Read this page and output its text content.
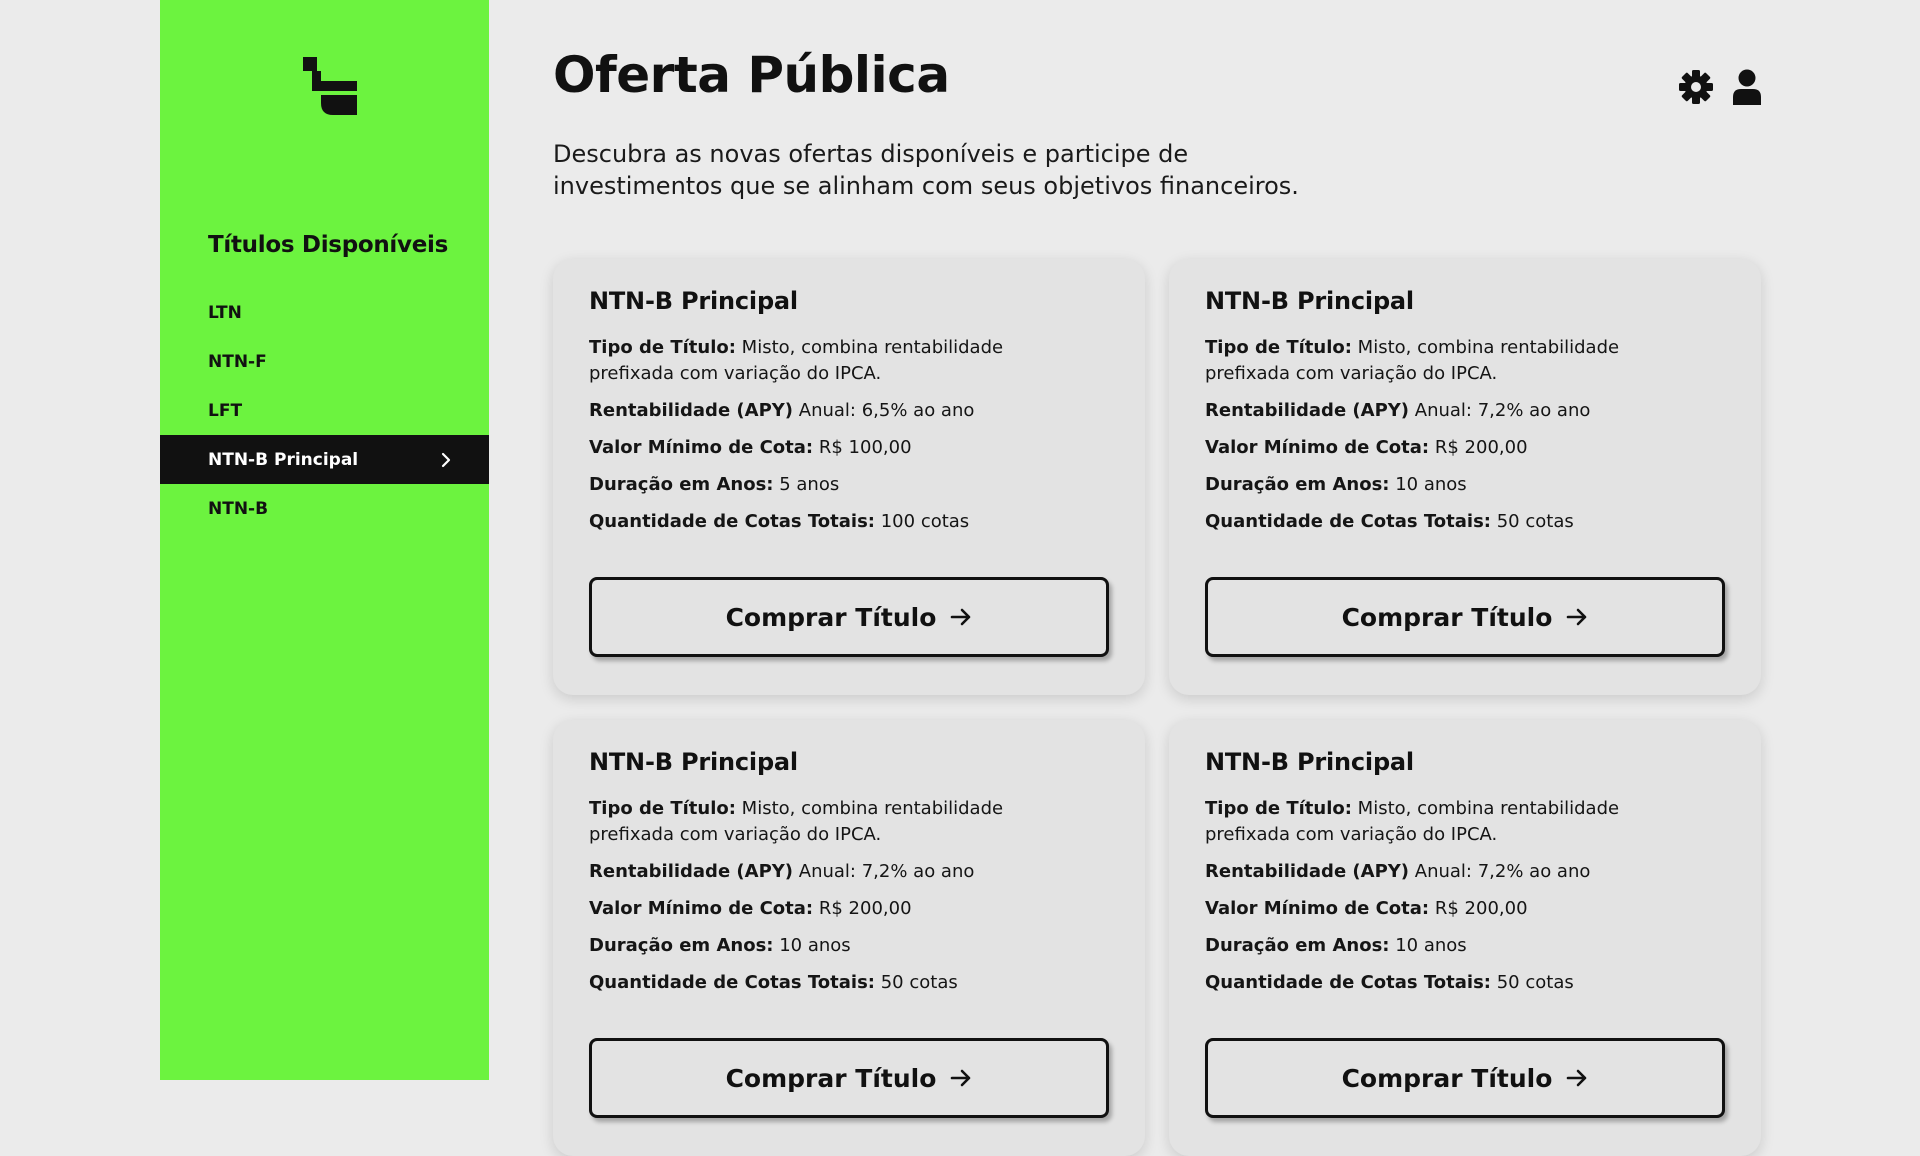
Títulos Disponíveis
LTN
NTN-F
LFT
NTN-B Principal
NTN-B
Oferta Pública

Descubra as novas ofertas disponíveis e participe de investimentos que se alinham com seus objetivos financeiros.

NTN-B Principal

Tipo de Título: Misto, combina rentabilidade prefixada com variação do IPCA.

Rentabilidade (APY) Anual: 6,5% ao ano

Valor Mínimo de Cota: R$ 100,00

Duração em Anos: 5 anos

Quantidade de Cotas Totais: 100 cotas

Comprar Título
NTN-B Principal

Tipo de Título: Misto, combina rentabilidade prefixada com variação do IPCA.

Rentabilidade (APY) Anual: 7,2% ao ano

Valor Mínimo de Cota: R$ 200,00

Duração em Anos: 10 anos

Quantidade de Cotas Totais: 50 cotas

Comprar Título
NTN-B Principal

Tipo de Título: Misto, combina rentabilidade prefixada com variação do IPCA.

Rentabilidade (APY) Anual: 7,2% ao ano

Valor Mínimo de Cota: R$ 200,00

Duração em Anos: 10 anos

Quantidade de Cotas Totais: 50 cotas

Comprar Título
NTN-B Principal

Tipo de Título: Misto, combina rentabilidade prefixada com variação do IPCA.

Rentabilidade (APY) Anual: 7,2% ao ano

Valor Mínimo de Cota: R$ 200,00

Duração em Anos: 10 anos

Quantidade de Cotas Totais: 50 cotas

Comprar Título
